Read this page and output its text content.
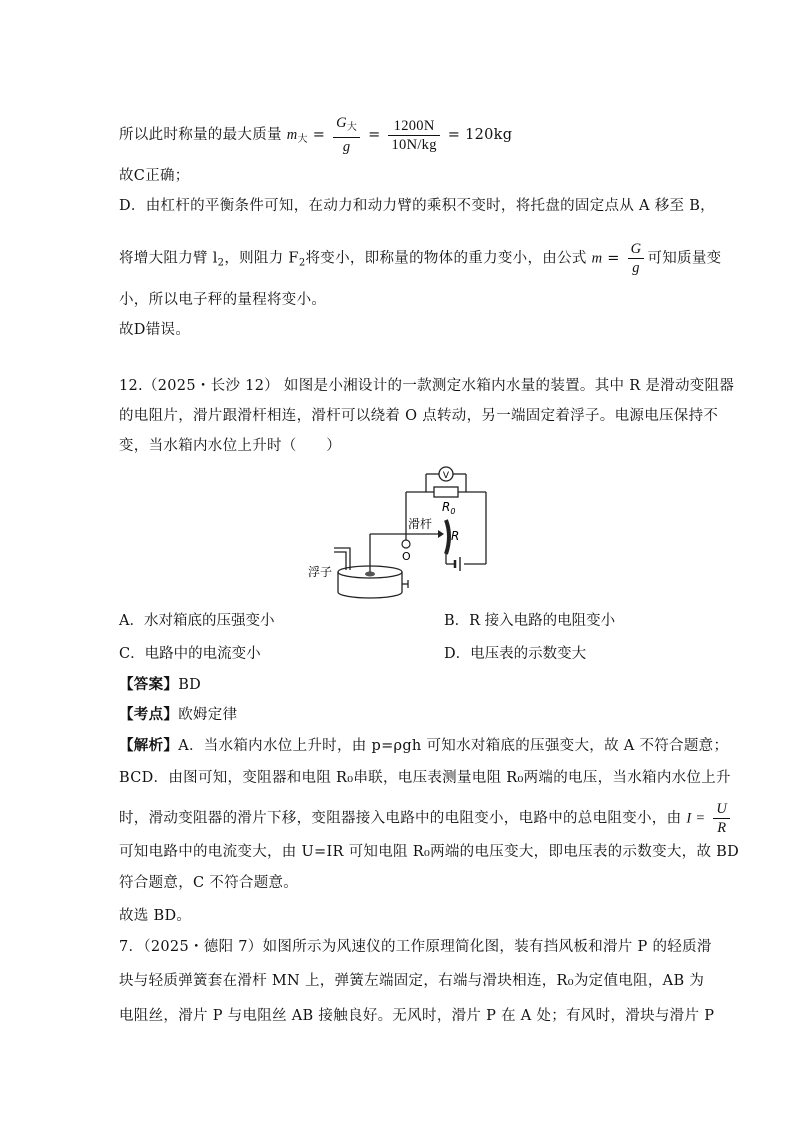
所以此时称量的最大质量 $m_大 = \frac{G_大}{g} = \frac{1200N}{10N/kg} = 120kg$
故C正确；
D．由杠杆的平衡条件可知，在动力和动力臂的乘积不变时，将托盘的固定点从 A 移至 B，
将增大阻力臂 $l_2$，则阻力 $F_2$将变小，即称量的物体的重力变小，由公式 $m = \frac{G}{g}$ 可知质量变
小，所以电子秤的量程将变小。
故D错误。
12.（2025・长沙 12） 如图是小湘设计的一款测定水箱内水量的装置。其中 R 是滑动变阻器
的电阻片，滑片跟滑杆相连，滑杆可以绕着 O 点转动，另一端固定着浮子。电源电压保持不
变，当水箱内水位上升时（　　）
V
$R_0$
滑杆
R
O
浮子
A．水对箱底的压强变小	B．R 接入电路的电阻变小
C．电路中的电流变小	D．电压表的示数变大
【答案】BD
【考点】欧姆定律
【解析】A．当水箱内水位上升时，由 p=ρgh 可知水对箱底的压强变大，故 A 不符合题意；
BCD．由图可知，变阻器和电阻 R₀串联，电压表测量电阻 R₀两端的电压，当水箱内水位上升
时，滑动变阻器的滑片下移，变阻器接入电路中的电阻变小，电路中的总电阻变小，由 $I = \frac{U}{R}$
可知电路中的电流变大，由 U=IR 可知电阻 R₀两端的电压变大，即电压表的示数变大，故 BD
符合题意，C 不符合题意。
故选 BD。
7．（2025・德阳 7）如图所示为风速仪的工作原理简化图，装有挡风板和滑片 P 的轻质滑
块与轻质弹簧套在滑杆 MN 上，弹簧左端固定，右端与滑块相连，R₀为定值电阻，AB 为
电阻丝，滑片 P 与电阻丝 AB 接触良好。无风时，滑片 P 在 A 处；有风时，滑块与滑片 P
